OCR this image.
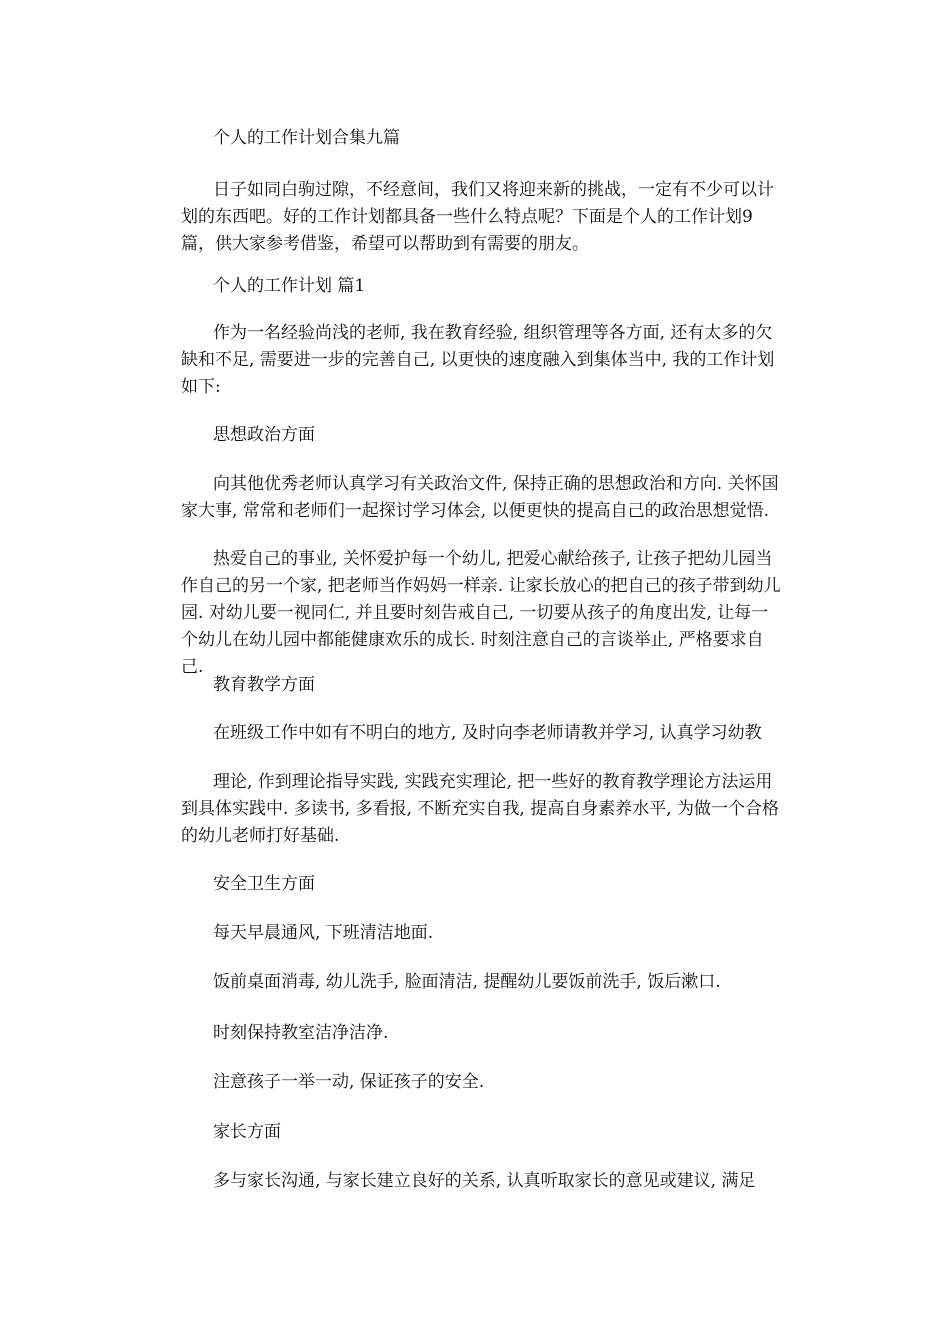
个人的工作计划合集九篇

日子如同白驹过隙，不经意间，我们又将迎来新的挑战，一定有不少可以计划的东西吧。好的工作计划都具备一些什么特点呢？下面是个人的工作计划9篇，供大家参考借鉴，希望可以帮助到有需要的朋友。

个人的工作计划 篇1

作为一名经验尚浅的老师, 我在教育经验, 组织管理等各方面, 还有太多的欠缺和不足, 需要进一步的完善自己, 以更快的速度融入到集体当中, 我的工作计划如下:

思想政治方面

向其他优秀老师认真学习有关政治文件, 保持正确的思想政治和方向. 关怀国家大事, 常常和老师们一起探讨学习体会, 以便更快的提高自己的政治思想觉悟.

热爱自己的事业, 关怀爱护每一个幼儿, 把爱心献给孩子, 让孩子把幼儿园当作自己的另一个家, 把老师当作妈妈一样亲. 让家长放心的把自己的孩子带到幼儿园. 对幼儿要一视同仁, 并且要时刻告戒自己, 一切要从孩子的角度出发, 让每一个幼儿在幼儿园中都能健康欢乐的成长. 时刻注意自己的言谈举止, 严格要求自己.

教育教学方面

在班级工作中如有不明白的地方, 及时向李老师请教并学习, 认真学习幼教

理论, 作到理论指导实践, 实践充实理论, 把一些好的教育教学理论方法运用到具体实践中. 多读书, 多看报, 不断充实自我, 提高自身素养水平, 为做一个合格的幼儿老师打好基础.

安全卫生方面

每天早晨通风, 下班清洁地面.

饭前桌面消毒, 幼儿洗手, 脸面清洁, 提醒幼儿要饭前洗手, 饭后漱口.

时刻保持教室洁净洁净.

注意孩子一举一动, 保证孩子的安全.

家长方面

多与家长沟通, 与家长建立良好的关系, 认真听取家长的意见或建议, 满足
